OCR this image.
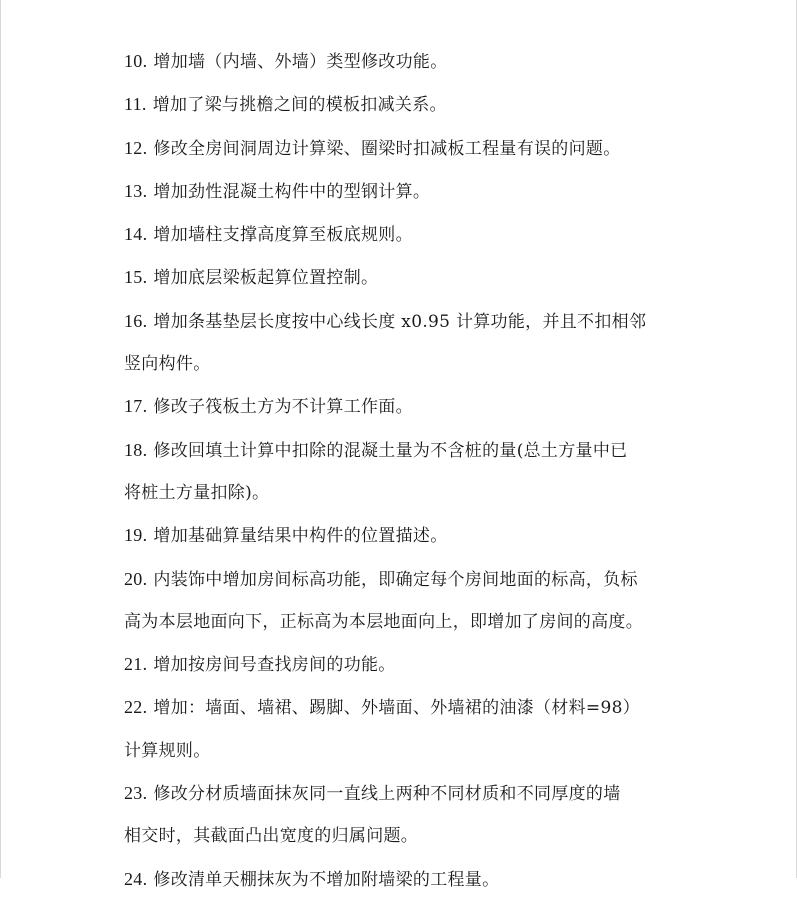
10. 增加墙（内墙、外墙）类型修改功能。
11. 增加了梁与挑檐之间的模板扣减关系。
12. 修改全房间洞周边计算梁、圈梁时扣减板工程量有误的问题。
13. 增加劲性混凝土构件中的型钢计算。
14. 增加墙柱支撑高度算至板底规则。
15. 增加底层梁板起算位置控制。
16. 增加条基垫层长度按中心线长度 x0.95 计算功能，并且不扣相邻
竖向构件。
17. 修改子筏板土方为不计算工作面。
18. 修改回填土计算中扣除的混凝土量为不含桩的量(总土方量中已
将桩土方量扣除)。
19. 增加基础算量结果中构件的位置描述。
20. 内装饰中增加房间标高功能，即确定每个房间地面的标高，负标
高为本层地面向下，正标高为本层地面向上，即增加了房间的高度。
21. 增加按房间号查找房间的功能。
22. 增加：墙面、墙裙、踢脚、外墙面、外墙裙的油漆（材料=98）
计算规则。
23. 修改分材质墙面抹灰同一直线上两种不同材质和不同厚度的墙
相交时，其截面凸出宽度的归属问题。
24. 修改清单天棚抹灰为不增加附墙梁的工程量。
